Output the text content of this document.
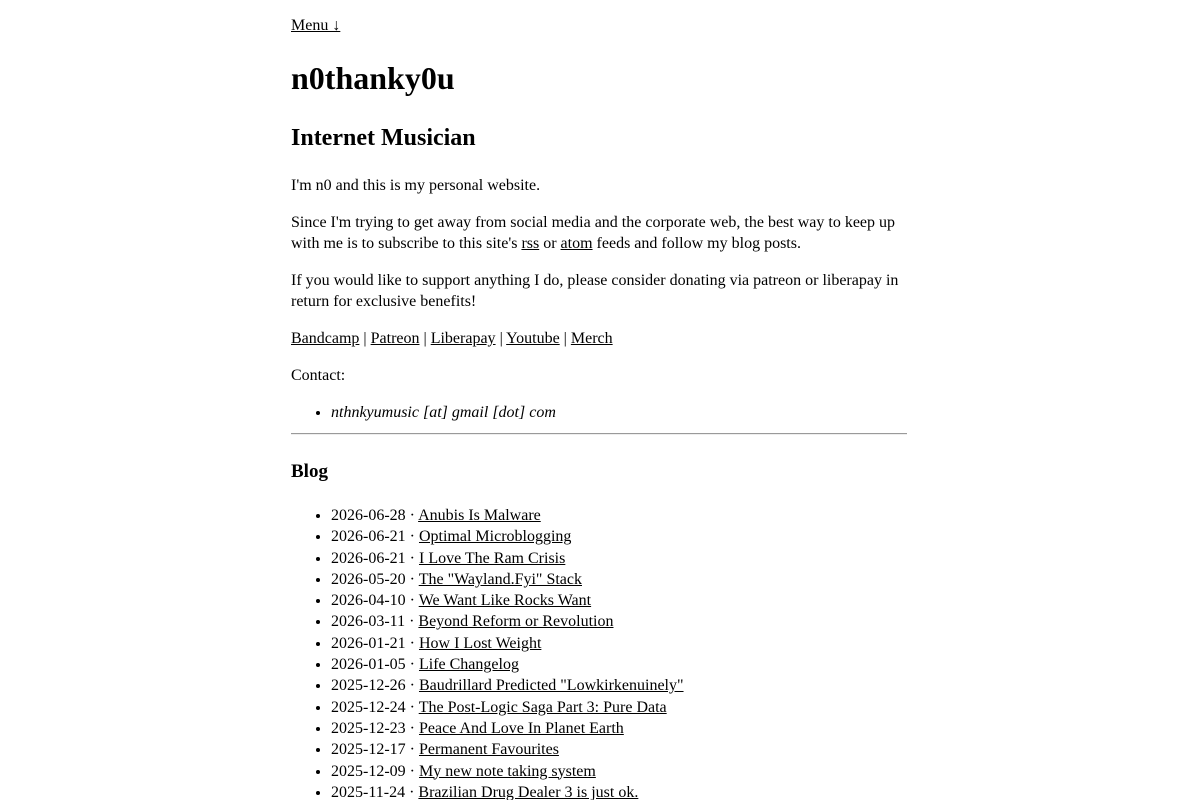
Menu ↓
n0thanky0u
Internet Musician

I'm n0 and this is my personal website.

Since I'm trying to get away from social media and the corporate web, the best way to keep up with me is to subscribe to this site's rss or atom feeds and follow my blog posts.

If you would like to support anything I do, please consider donating via patreon or liberapay in return for exclusive benefits!

Bandcamp | Patreon | Liberapay | Youtube | Merch

Contact:

• nthnkyumusic [at] gmail [dot] com
Blog
• 2026-06-28 · Anubis Is Malware
• 2026-06-21 · Optimal Microblogging
• 2026-06-21 · I Love The Ram Crisis
• 2026-05-20 · The "Wayland.Fyi" Stack
• 2026-04-10 · We Want Like Rocks Want
• 2026-03-11 · Beyond Reform or Revolution
• 2026-01-21 · How I Lost Weight
• 2026-01-05 · Life Changelog
• 2025-12-26 · Baudrillard Predicted "Lowkirkenuinely"
• 2025-12-24 · The Post-Logic Saga Part 3: Pure Data
• 2025-12-23 · Peace And Love In Planet Earth
• 2025-12-17 · Permanent Favourites
• 2025-12-09 · My new note taking system
• 2025-11-24 · Brazilian Drug Dealer 3 is just ok.
